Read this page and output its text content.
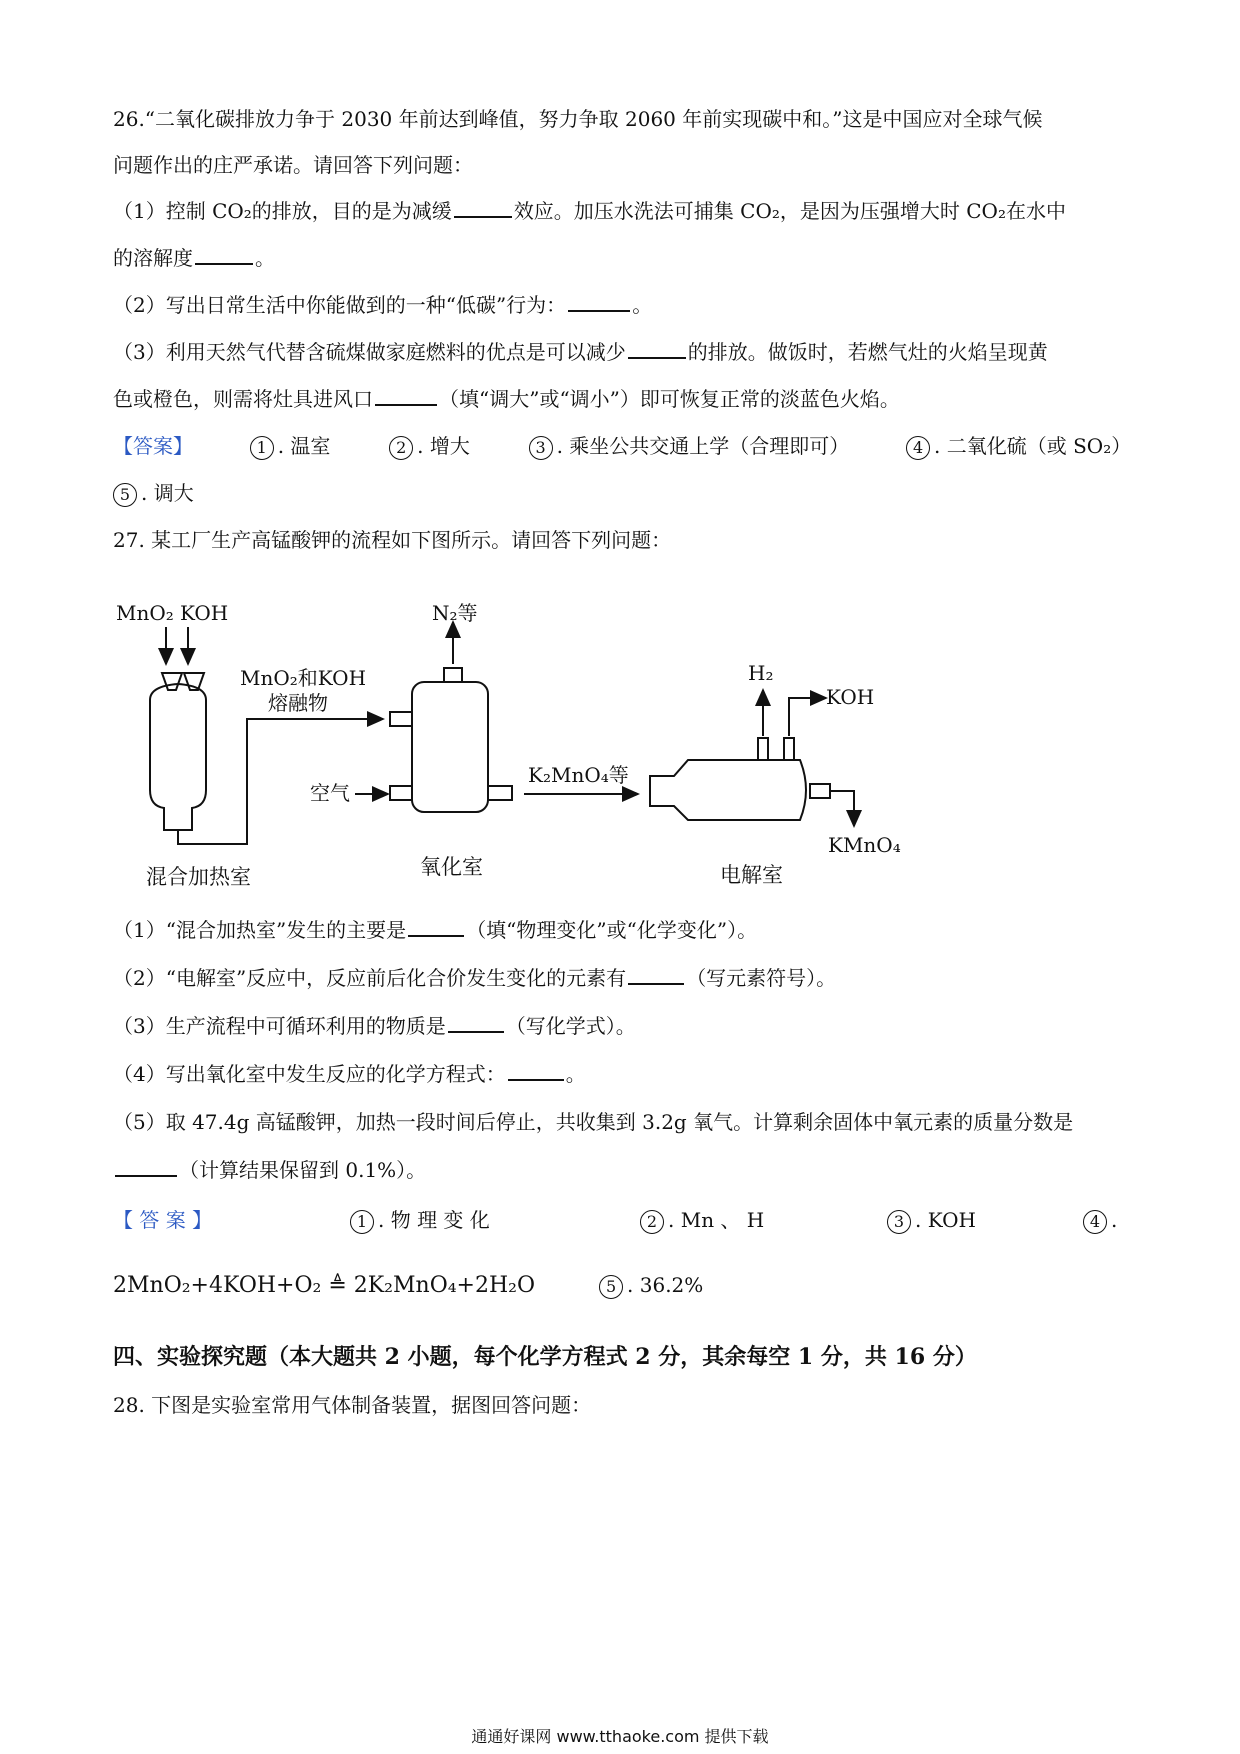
26.“二氧化碳排放力争于 2030 年前达到峰值，努力争取 2060 年前实现碳中和。”这是中国应对全球气候
问题作出的庄严承诺。请回答下列问题：
（1）控制 CO₂的排放，目的是为减缓	效应。加压水洗法可捕集 CO₂，是因为压强增大时 CO₂在水中
的溶解度	。
（2）写出日常生活中你能做到的一种“低碳”行为：	。
（3）利用天然气代替含硫煤做家庭燃料的优点是可以减少	的排放。做饭时，若燃气灶的火焰呈现黄
色或橙色，则需将灶具进风口	（填“调大”或“调小”）即可恢复正常的淡蓝色火焰。
【答案】	1 . 温室	2 . 增大	3 . 乘坐公共交通上学（合理即可）	4 . 二氧化硫（或 SO₂）
5 . 调大
27. 某工厂生产高锰酸钾的流程如下图所示。请回答下列问题：
MnO₂ KOH
MnO₂和KOH
熔融物
空气
N₂等
K₂MnO₄等
H₂
KOH
KMnO₄
混合加热室	氧化室	电解室
（1）“混合加热室”发生的主要是	（填“物理变化”或“化学变化”）。
（2）“电解室”反应中，反应前后化合价发生变化的元素有	（写元素符号）。
（3）生产流程中可循环利用的物质是	（写化学式）。
（4）写出氧化室中发生反应的化学方程式：	。
（5）取 47.4g 高锰酸钾，加热一段时间后停止，共收集到 3.2g 氧气。计算剩余固体中氧元素的质量分数是
（计算结果保留到 0.1%）。
【 答 案 】	1 . 物 理 变 化	2 . Mn 、 H	3 . KOH	4 .
2MnO₂+4KOH+O₂ ≜ 2K₂MnO₄+2H₂O	5 . 36.2%
四、实验探究题（本大题共 2 小题，每个化学方程式 2 分，其余每空 1 分，共 16 分）
28. 下图是实验室常用气体制备装置，据图回答问题：
通通好课网 www.tthaoke.com 提供下载
